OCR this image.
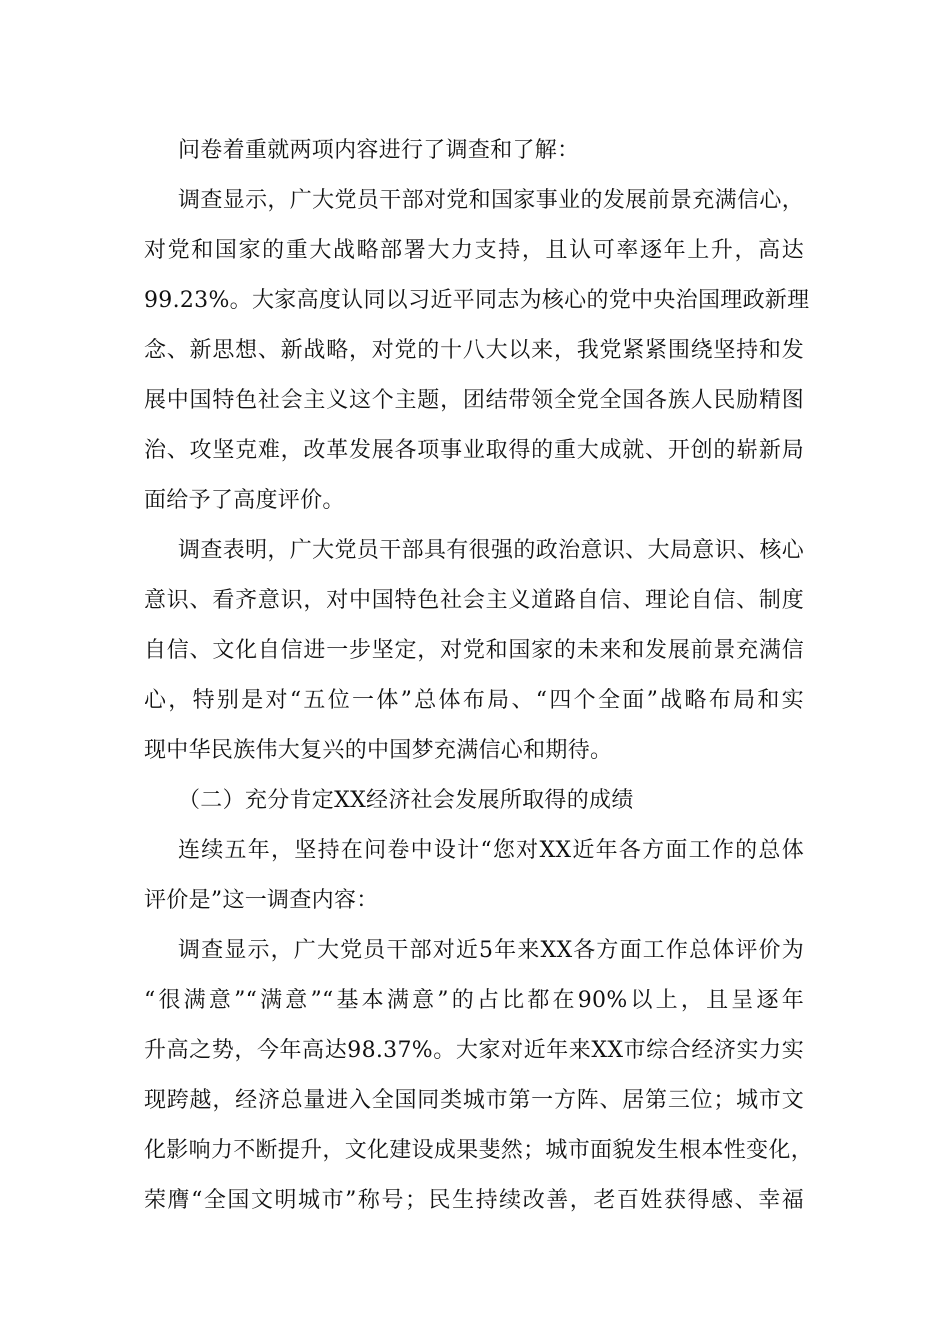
问卷着重就两项内容进行了调查和了解：
调查显示，广大党员干部对党和国家事业的发展前景充满信心，
对党和国家的重大战略部署大力支持，且认可率逐年上升，高达
99.23%。大家高度认同以习近平同志为核心的党中央治国理政新理
念、新思想、新战略，对党的十八大以来，我党紧紧围绕坚持和发
展中国特色社会主义这个主题，团结带领全党全国各族人民励精图
治、攻坚克难，改革发展各项事业取得的重大成就、开创的崭新局
面给予了高度评价。
调查表明，广大党员干部具有很强的政治意识、大局意识、核心
意识、看齐意识，对中国特色社会主义道路自信、理论自信、制度
自信、文化自信进一步坚定，对党和国家的未来和发展前景充满信
心，特别是对“五位一体”总体布局、“四个全面”战略布局和实
现中华民族伟大复兴的中国梦充满信心和期待。
（二）充分肯定XX经济社会发展所取得的成绩
连续五年，坚持在问卷中设计“您对XX近年各方面工作的总体
评价是”这一调查内容：
调查显示，广大党员干部对近5年来XX各方面工作总体评价为
“很满意”“满意”“基本满意”的占比都在90%以上，且呈逐年
升高之势，今年高达98.37%。大家对近年来XX市综合经济实力实
现跨越，经济总量进入全国同类城市第一方阵、居第三位；城市文
化影响力不断提升，文化建设成果斐然；城市面貌发生根本性变化，
荣膺“全国文明城市”称号；民生持续改善，老百姓获得感、幸福
